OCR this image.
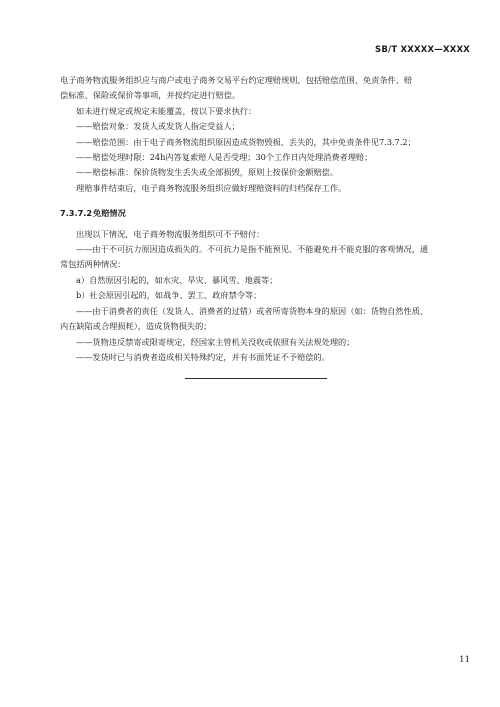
SB/T XXXXX—XXXX
电子商务物流服务组织应与商户或电子商务交易平台约定理赔规则，包括赔偿范围、免责条件、赔
偿标准、保险或保价等事项，并按约定进行赔偿。
如未进行规定或规定未能覆盖，按以下要求执行：
——赔偿对象：发货人或发货人指定受益人；
——赔偿范围：由于电子商务物流组织原因造成货物毁损、丢失的，其中免责条件见7.3.7.2；
——赔偿处理时限：24h内答复索赔人是否受理；30个工作日内处理消费者理赔；
——赔偿标准：保价货物发生丢失或全部损毁，原则上按保价金额赔偿。
理赔事件结束后，电子商务物流服务组织应做好理赔资料的归档保存工作。
7.3.7.2免赔情况
出现以下情况，电子商务物流服务组织可不予赔付：
——由于不可抗力原因造成损失的。不可抗力是指不能预见、不能避免并不能克服的客观情况，通
常包括两种情况：
a）自然原因引起的，如水灾、旱灾、暴风雪、地震等；
b）社会原因引起的，如战争、罢工、政府禁令等；
——由于消费者的责任（发货人、消费者的过错）或者所寄货物本身的原因（如：货物自然性质、
内在缺陷或合理损耗），造成货物损失的；
——货物违反禁寄或限寄规定，经国家主管机关没收或依照有关法规处理的；
——发货时已与消费者造成相关特殊约定，并有书面凭证不予赔偿的。
11
